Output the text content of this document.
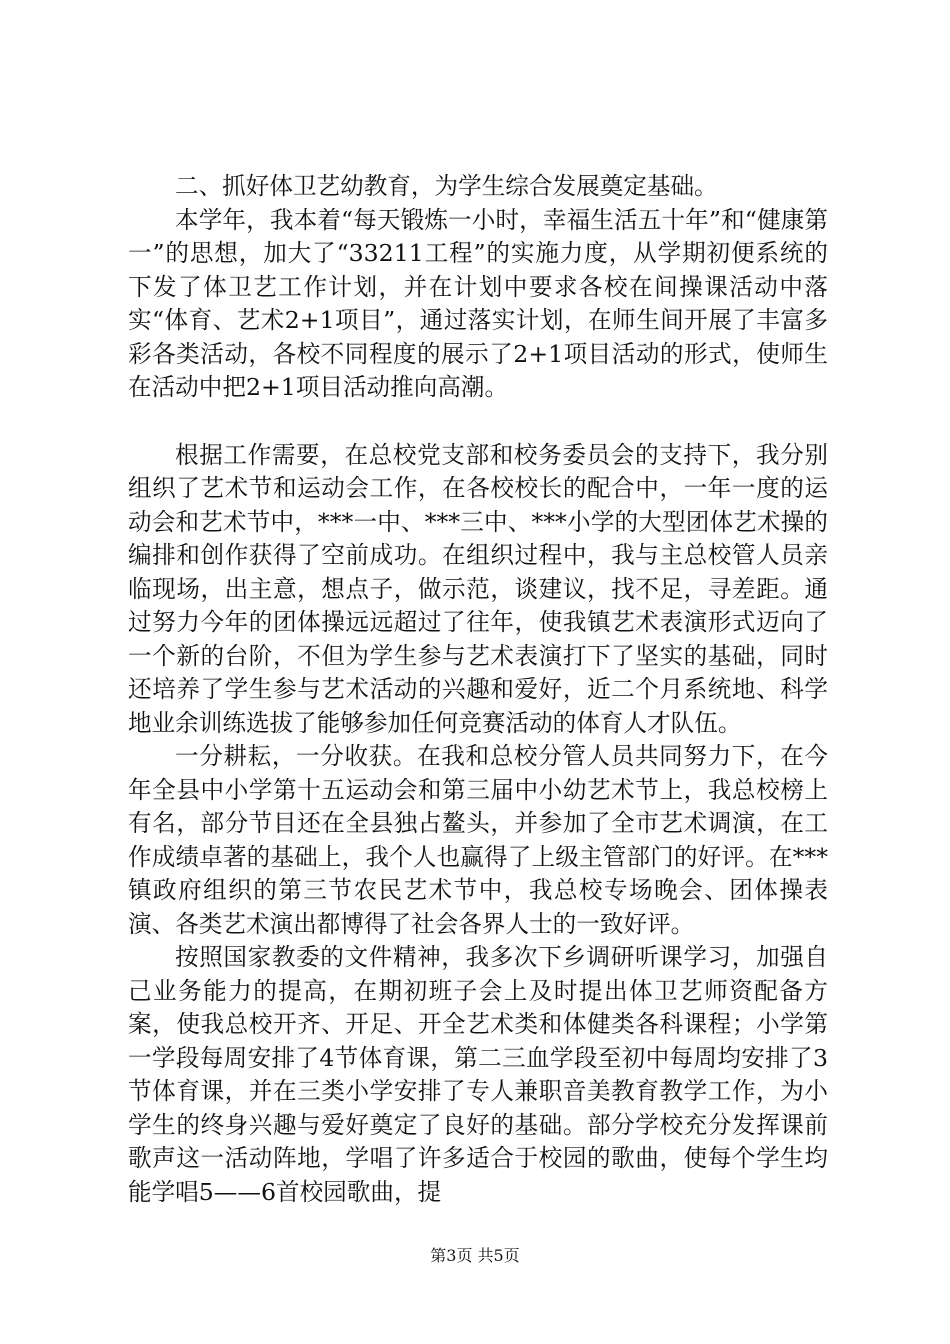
二、抓好体卫艺幼教育，为学生综合发展奠定基础。

本学年，我本着“每天锻炼一小时，幸福生活五十年”和“健康第一”的思想，加大了“33211工程”的实施力度，从学期初便系统的下发了体卫艺工作计划，并在计划中要求各校在间操课活动中落实“体育、艺术2+1项目”，通过落实计划，在师生间开展了丰富多彩各类活动，各校不同程度的展示了2+1项目活动的形式，使师生在活动中把2+1项目活动推向高潮。

根据工作需要，在总校党支部和校务委员会的支持下，我分别组织了艺术节和运动会工作，在各校校长的配合中，一年一度的运动会和艺术节中，***一中、***三中、***小学的大型团体艺术操的编排和创作获得了空前成功。在组织过程中，我与主总校管人员亲临现场，出主意，想点子，做示范，谈建议，找不足，寻差距。通过努力今年的团体操远远超过了往年，使我镇艺术表演形式迈向了一个新的台阶，不但为学生参与艺术表演打下了坚实的基础，同时还培养了学生参与艺术活动的兴趣和爱好，近二个月系统地、科学地业余训练选拔了能够参加任何竞赛活动的体育人才队伍。

一分耕耘，一分收获。在我和总校分管人员共同努力下，在今年全县中小学第十五运动会和第三届中小幼艺术节上，我总校榜上有名，部分节目还在全县独占鳌头，并参加了全市艺术调演，在工作成绩卓著的基础上，我个人也赢得了上级主管部门的好评。在***镇政府组织的第三节农民艺术节中，我总校专场晚会、团体操表演、各类艺术演出都博得了社会各界人士的一致好评。

按照国家教委的文件精神，我多次下乡调研听课学习，加强自己业务能力的提高，在期初班子会上及时提出体卫艺师资配备方案，使我总校开齐、开足、开全艺术类和体健类各科课程；小学第一学段每周安排了4节体育课，第二三血学段至初中每周均安排了3节体育课，并在三类小学安排了专人兼职音美教育教学工作，为小学生的终身兴趣与爱好奠定了良好的基础。部分学校充分发挥课前歌声这一活动阵地，学唱了许多适合于校园的歌曲，使每个学生均能学唱5——6首校园歌曲，提

第3页 共5页
